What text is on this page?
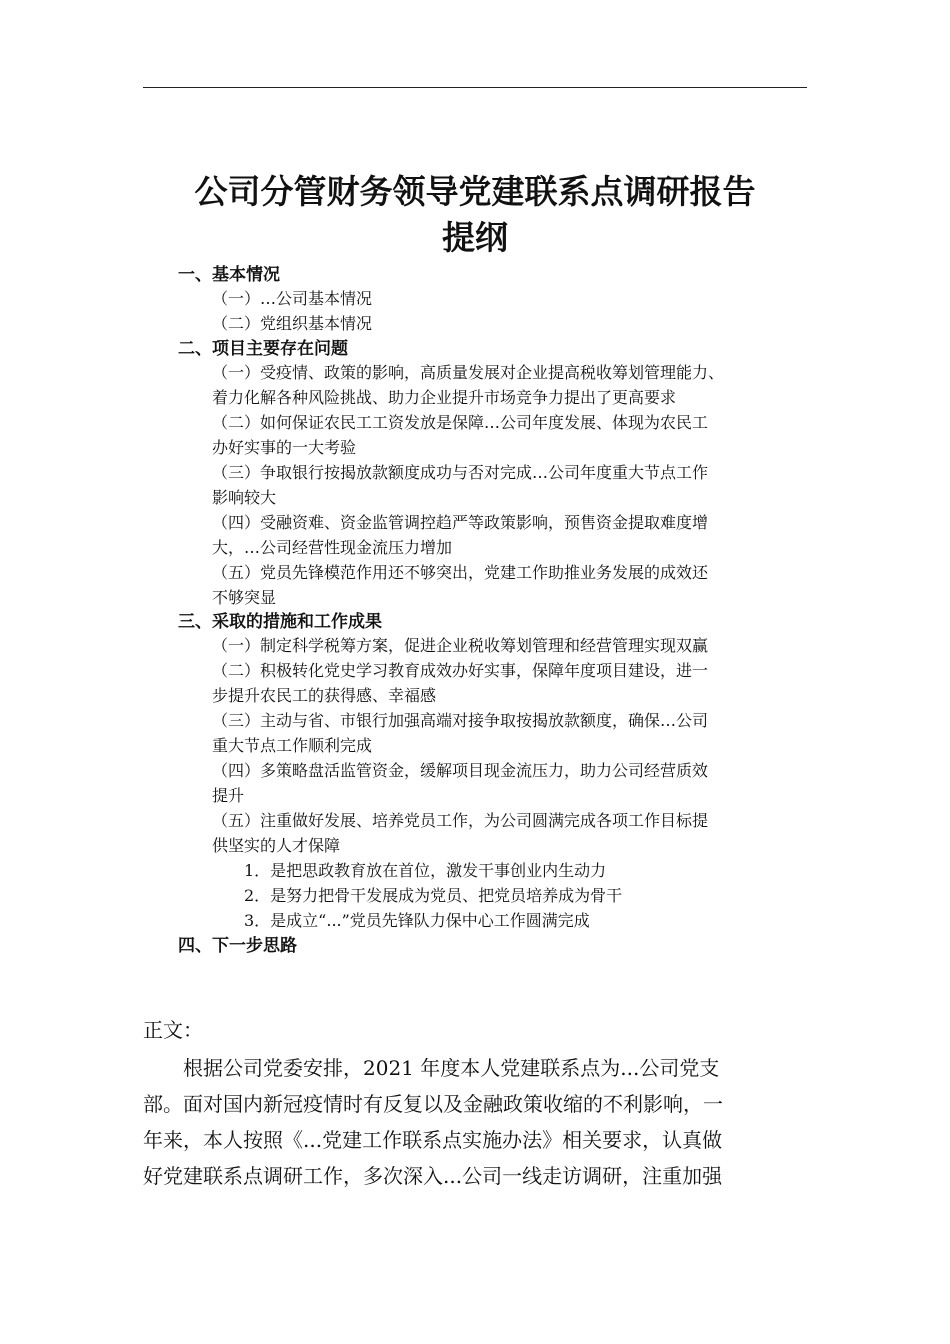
公司分管财务领导党建联系点调研报告
提纲
一、基本情况
（一）…公司基本情况
（二）党组织基本情况
二、项目主要存在问题
（一）受疫情、政策的影响，高质量发展对企业提高税收筹划管理能力、
着力化解各种风险挑战、助力企业提升市场竞争力提出了更高要求
（二）如何保证农民工工资发放是保障…公司年度发展、体现为农民工
办好实事的一大考验
（三）争取银行按揭放款额度成功与否对完成…公司年度重大节点工作
影响较大
（四）受融资难、资金监管调控趋严等政策影响，预售资金提取难度增
大，…公司经营性现金流压力增加
（五）党员先锋模范作用还不够突出，党建工作助推业务发展的成效还
不够突显
三、采取的措施和工作成果
（一）制定科学税筹方案，促进企业税收筹划管理和经营管理实现双赢
（二）积极转化党史学习教育成效办好实事，保障年度项目建设，进一
步提升农民工的获得感、幸福感
（三）主动与省、市银行加强高端对接争取按揭放款额度，确保…公司
重大节点工作顺利完成
（四）多策略盘活监管资金，缓解项目现金流压力，助力公司经营质效
提升
（五）注重做好发展、培养党员工作，为公司圆满完成各项工作目标提
供坚实的人才保障
1．是把思政教育放在首位，激发干事创业内生动力
2．是努力把骨干发展成为党员、把党员培养成为骨干
3．是成立“...”党员先锋队力保中心工作圆满完成
四、下一步思路
正文：
　　根据公司党委安排，2021 年度本人党建联系点为...公司党支
部。面对国内新冠疫情时有反复以及金融政策收缩的不利影响，一
年来，本人按照《...党建工作联系点实施办法》相关要求，认真做
好党建联系点调研工作，多次深入...公司一线走访调研，注重加强
